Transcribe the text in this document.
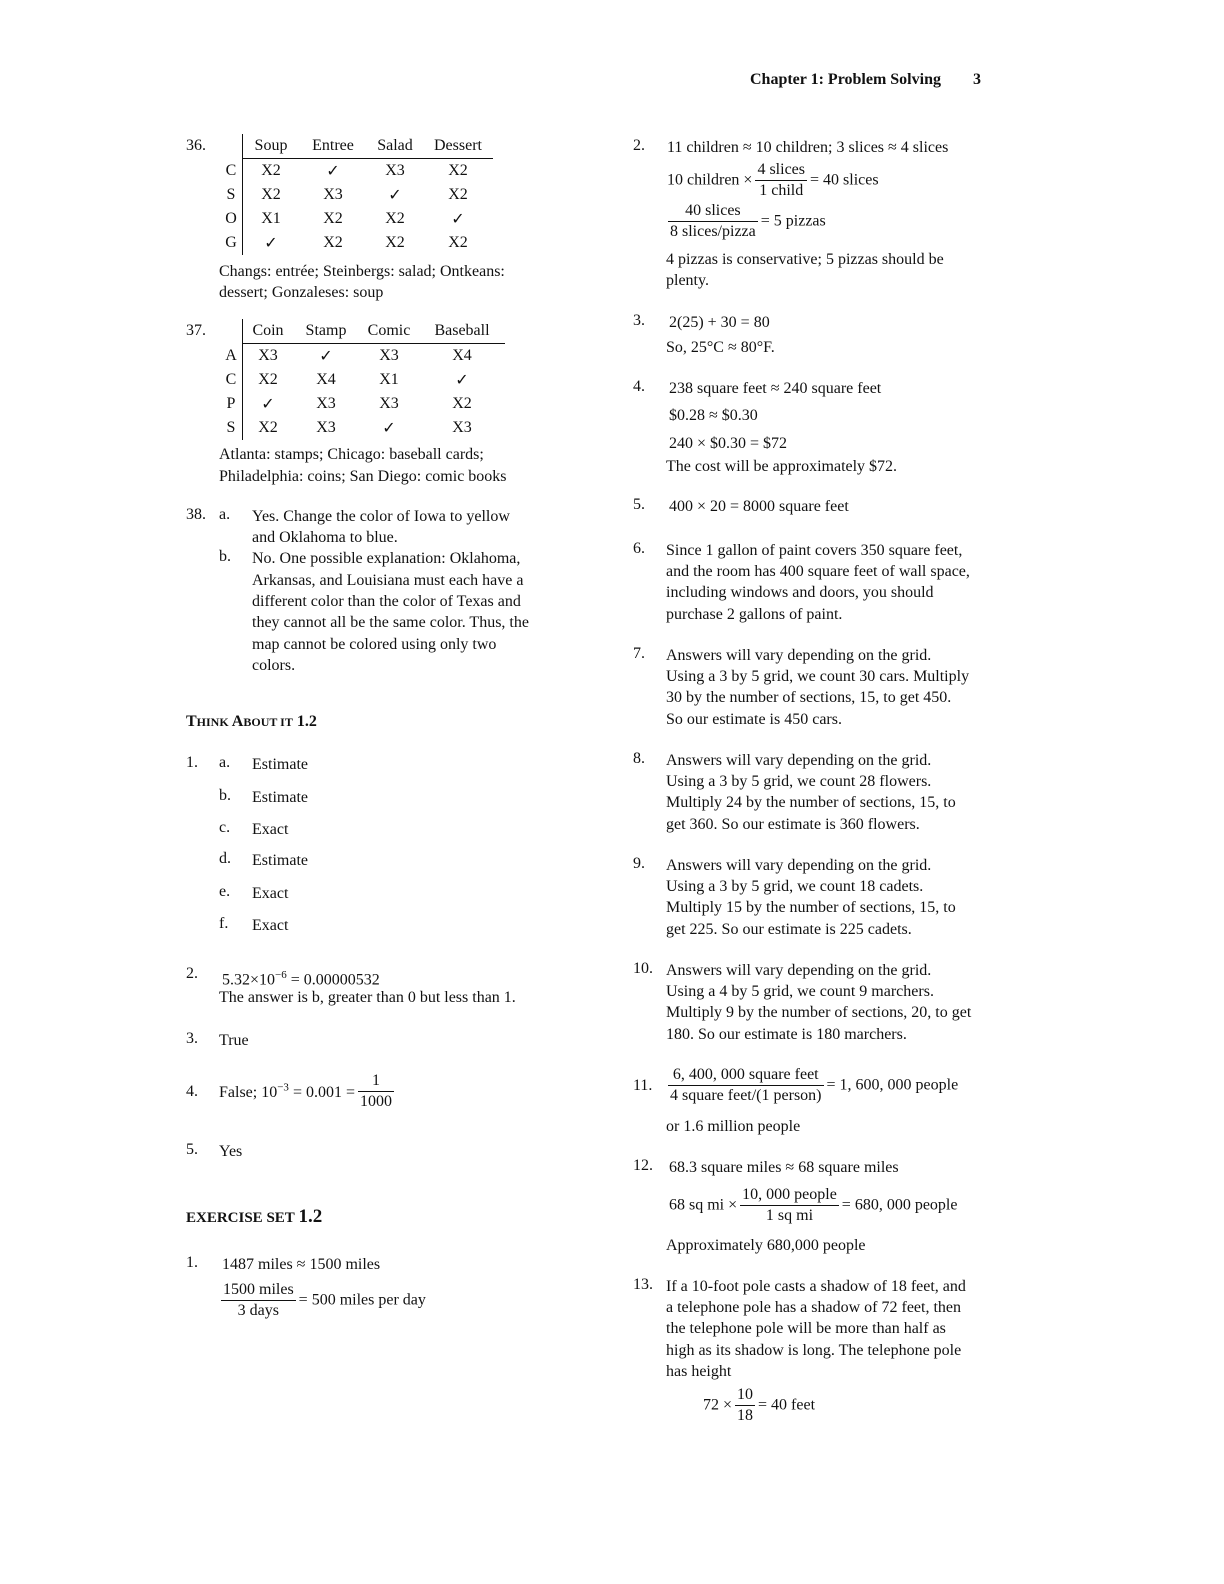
Chapter 1: Problem Solving 3
36.
		Soup	Entree	Salad	Dessert
C	X2	✓	X3	X2
S	X2	X3	✓	X2
O	X1	X2	X2	✓
G	✓	X2	X2	X2
Changs: entrée; Steinbergs: salad; Ontkeans:
dessert; Gonzaleses: soup
37.
		Coin	Stamp	Comic	Baseball
A	X3	✓	X3	X4
C	X2	X4	X1	✓
P	✓	X3	X3	X2
S	X2	X3	✓	X3
Atlanta: stamps; Chicago: baseball cards;
Philadelphia: coins; San Diego: comic books
38. a. Yes. Change the color of Iowa to yellow
and Oklahoma to blue.
b. No. One possible explanation: Oklahoma,
Arkansas, and Louisiana must each have a
different color than the color of Texas and
they cannot all be the same color. Thus, the
map cannot be colored using only two
colors.
THINK ABOUT IT 1.2
1. a. Estimate
b. Estimate
c. Exact
d. Estimate
e. Exact
f. Exact
2. $5.32\times 10^{-6} = 0.00000532$
The answer is b, greater than 0 but less than 1.
3. True
4. False; $10^{-3} = 0.001 = \frac{1}{1000}$
5. Yes
EXERCISE SET 1.2
1. 1487 miles ≈ 1500 miles
$\frac{\text{1500 miles}}{\text{3 days}} = 500$ miles per day
2. 11 children ≈ 10 children; 3 slices ≈ 4 slices
10 children × $\frac{\text{4 slices}}{\text{1 child}} = 40$ slices
$\frac{\text{40 slices}}{\text{8 slices/pizza}} = 5$ pizzas
4 pizzas is conservative; 5 pizzas should be
plenty.
3. 2(25) + 30 = 80
So, 25°C ≈ 80°F.
4. 238 square feet ≈ 240 square feet
$0.28 ≈ $0.30
240 × $0.30 = $72
The cost will be approximately $72.
5. 400 × 20 = 8000 square feet
6. Since 1 gallon of paint covers 350 square feet,
and the room has 400 square feet of wall space,
including windows and doors, you should
purchase 2 gallons of paint.
7. Answers will vary depending on the grid.
Using a 3 by 5 grid, we count 30 cars. Multiply
30 by the number of sections, 15, to get 450.
So our estimate is 450 cars.
8. Answers will vary depending on the grid.
Using a 3 by 5 grid, we count 28 flowers.
Multiply 24 by the number of sections, 15, to
get 360. So our estimate is 360 flowers.
9. Answers will vary depending on the grid.
Using a 3 by 5 grid, we count 18 cadets.
Multiply 15 by the number of sections, 15, to
get 225. So our estimate is 225 cadets.
10. Answers will vary depending on the grid.
Using a 4 by 5 grid, we count 9 marchers.
Multiply 9 by the number of sections, 20, to get
180. So our estimate is 180 marchers.
11. $\frac{\text{6, 400, 000 square feet}}{\text{4 square feet/(1 person)}} = 1$, 600, 000 people
or 1.6 million people
12. 68.3 square miles ≈ 68 square miles
68 sq mi × $\frac{\text{10, 000 people}}{\text{1 sq mi}} = 680$, 000 people
Approximately 680,000 people
13. If a 10-foot pole casts a shadow of 18 feet, and
a telephone pole has a shadow of 72 feet, then
the telephone pole will be more than half as
high as its shadow is long. The telephone pole
has height
$72 \times \frac{10}{18} = 40$ feet
